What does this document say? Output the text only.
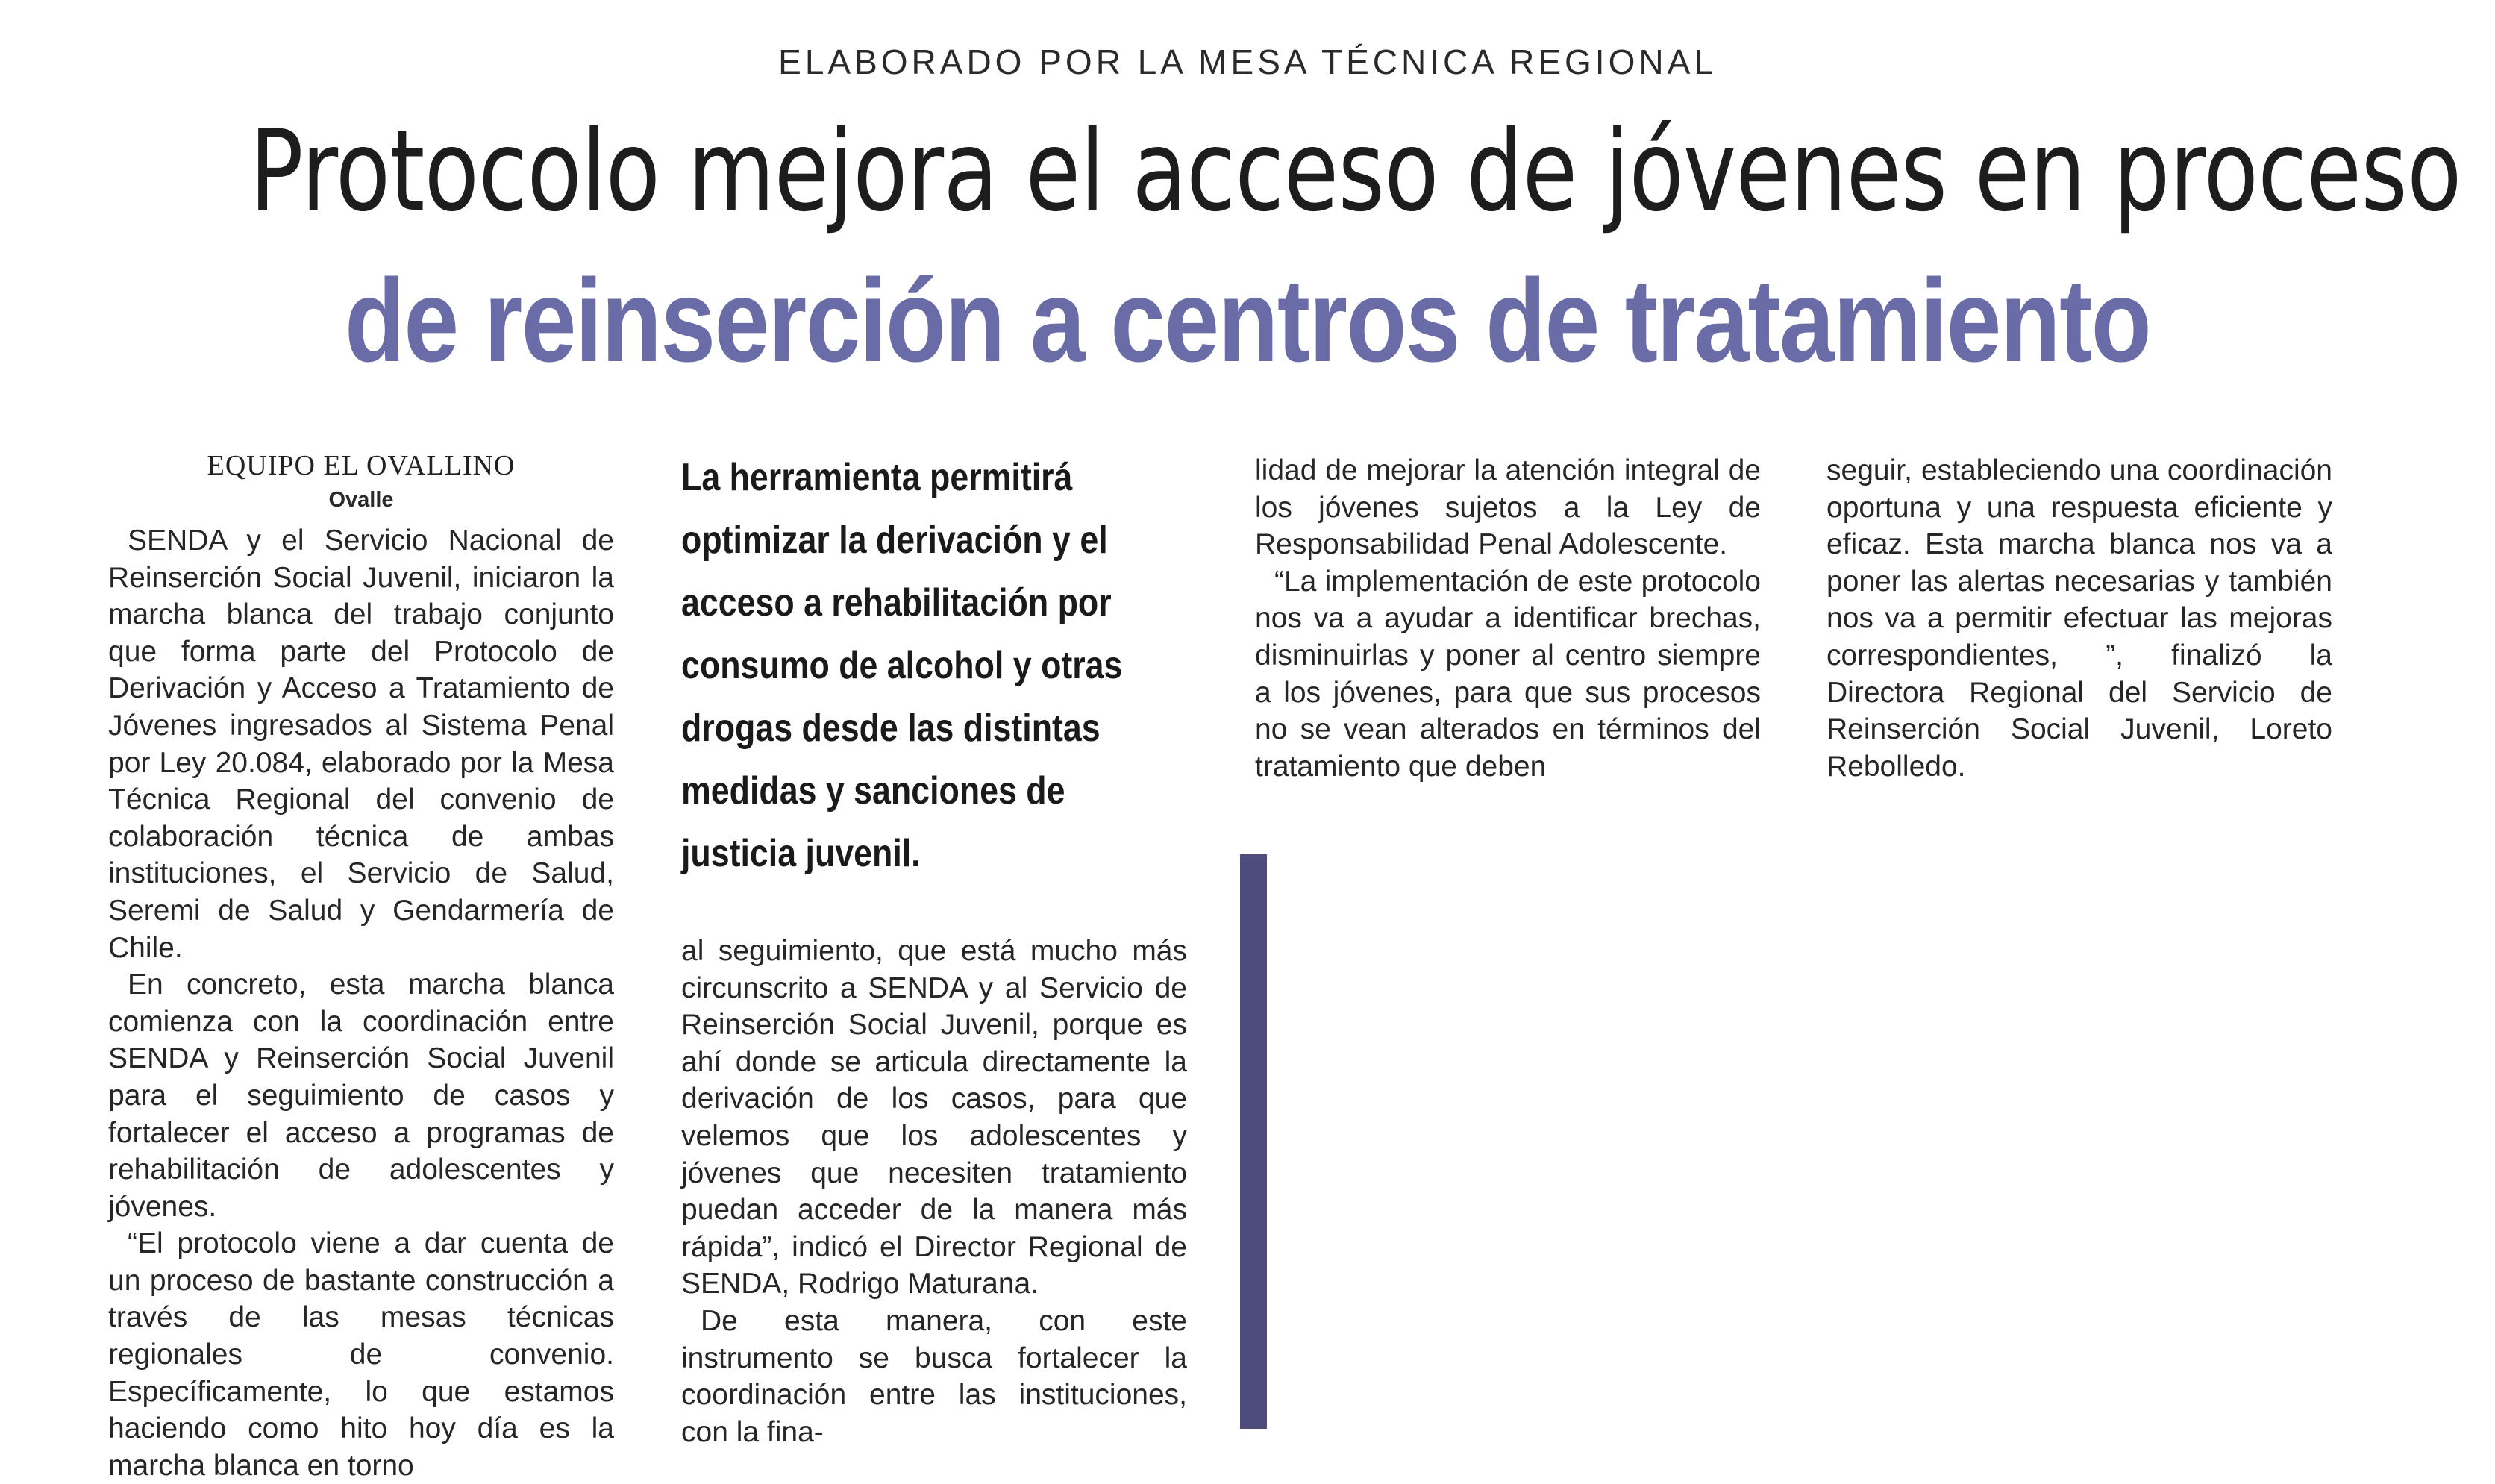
ELABORADO POR LA MESA TÉCNICA REGIONAL
Protocolo mejora el acceso de jóvenes en proceso
de reinserción a centros de tratamiento
EQUIPO EL OVALLINO
Ovalle

SENDA y el Servicio Nacional de Reinserción Social Juvenil, iniciaron la marcha blanca del trabajo conjunto que forma parte del Protocolo de Derivación y Acceso a Tratamiento de Jóvenes ingresados al Sistema Penal por Ley 20.084, elaborado por la Mesa Técnica Regional del convenio de colaboración técnica de ambas instituciones, el Servicio de Salud, Seremi de Salud y Gendarmería de Chile.

En concreto, esta marcha blanca comienza con la coordinación entre SENDA y Reinserción Social Juvenil para el seguimiento de casos y fortalecer el acceso a programas de rehabilitación de adolescentes y jóvenes.

“El protocolo viene a dar cuenta de un proceso de bastante construcción a través de las mesas técnicas regionales de convenio. Específicamente, lo que estamos haciendo como hito hoy día es la marcha blanca en torno

La herramienta permitirá
optimizar la derivación y el
acceso a rehabilitación por
consumo de alcohol y otras
drogas desde las distintas
medidas y sanciones de
justicia juvenil.

al seguimiento, que está mucho más circunscrito a SENDA y al Servicio de Reinserción Social Juvenil, porque es ahí donde se articula directamente la derivación de los casos, para que velemos que los adolescentes y jóvenes que necesiten tratamiento puedan acceder de la manera más rápida”, indicó el Director Regional de SENDA, Rodrigo Maturana.

De esta manera, con este instrumento se busca fortalecer la coordinación entre las instituciones, con la fina-

lidad de mejorar la atención integral de los jóvenes sujetos a la Ley de Responsabilidad Penal Adolescente.

“La implementación de este protocolo nos va a ayudar a identificar brechas, disminuirlas y poner al centro siempre a los jóvenes, para que sus procesos no se vean alterados en términos del tratamiento que deben

seguir, estableciendo una coordinación oportuna y una respuesta eficiente y eficaz. Esta marcha blanca nos va a poner las alertas necesarias y también nos va a permitir efectuar las mejoras correspondientes, ”, finalizó la Directora Regional del Servicio de Reinserción Social Juvenil, Loreto Rebolledo.
